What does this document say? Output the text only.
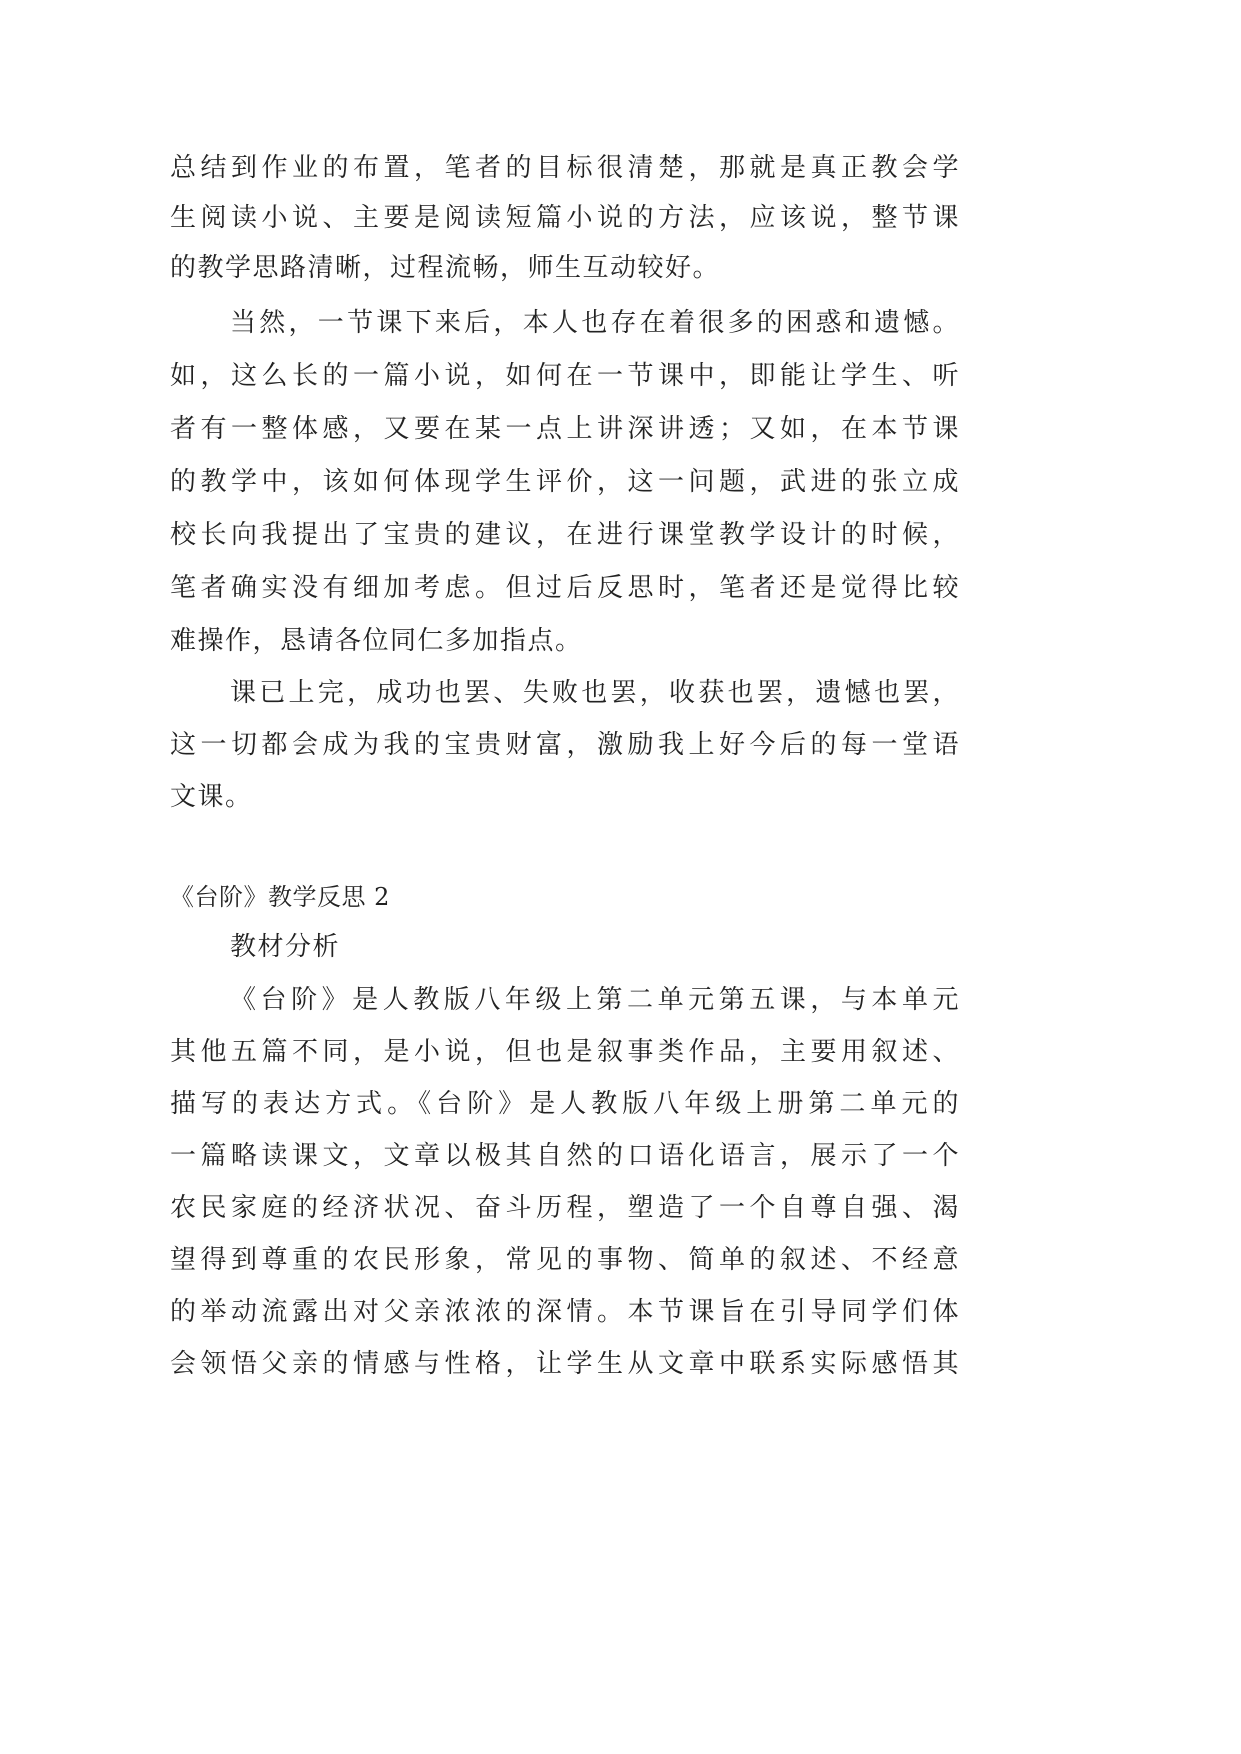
总结到作业的布置，笔者的目标很清楚，那就是真正教会学
生阅读小说、主要是阅读短篇小说的方法，应该说，整节课
的教学思路清晰，过程流畅，师生互动较好。
当然，一节课下来后，本人也存在着很多的困惑和遗憾。
如，这么长的一篇小说，如何在一节课中，即能让学生、听
者有一整体感，又要在某一点上讲深讲透；又如，在本节课
的教学中，该如何体现学生评价，这一问题，武进的张立成
校长向我提出了宝贵的建议，在进行课堂教学设计的时候，
笔者确实没有细加考虑。但过后反思时，笔者还是觉得比较
难操作，恳请各位同仁多加指点。
课已上完，成功也罢、失败也罢，收获也罢，遗憾也罢，
这一切都会成为我的宝贵财富，激励我上好今后的每一堂语
文课。
《台阶》教学反思 2
教材分析
《台阶》是人教版八年级上第二单元第五课，与本单元
其他五篇不同，是小说，但也是叙事类作品，主要用叙述、
描写的表达方式。《台阶》是人教版八年级上册第二单元的
一篇略读课文，文章以极其自然的口语化语言，展示了一个
农民家庭的经济状况、奋斗历程，塑造了一个自尊自强、渴
望得到尊重的农民形象，常见的事物、简单的叙述、不经意
的举动流露出对父亲浓浓的深情。本节课旨在引导同学们体
会领悟父亲的情感与性格，让学生从文章中联系实际感悟其
